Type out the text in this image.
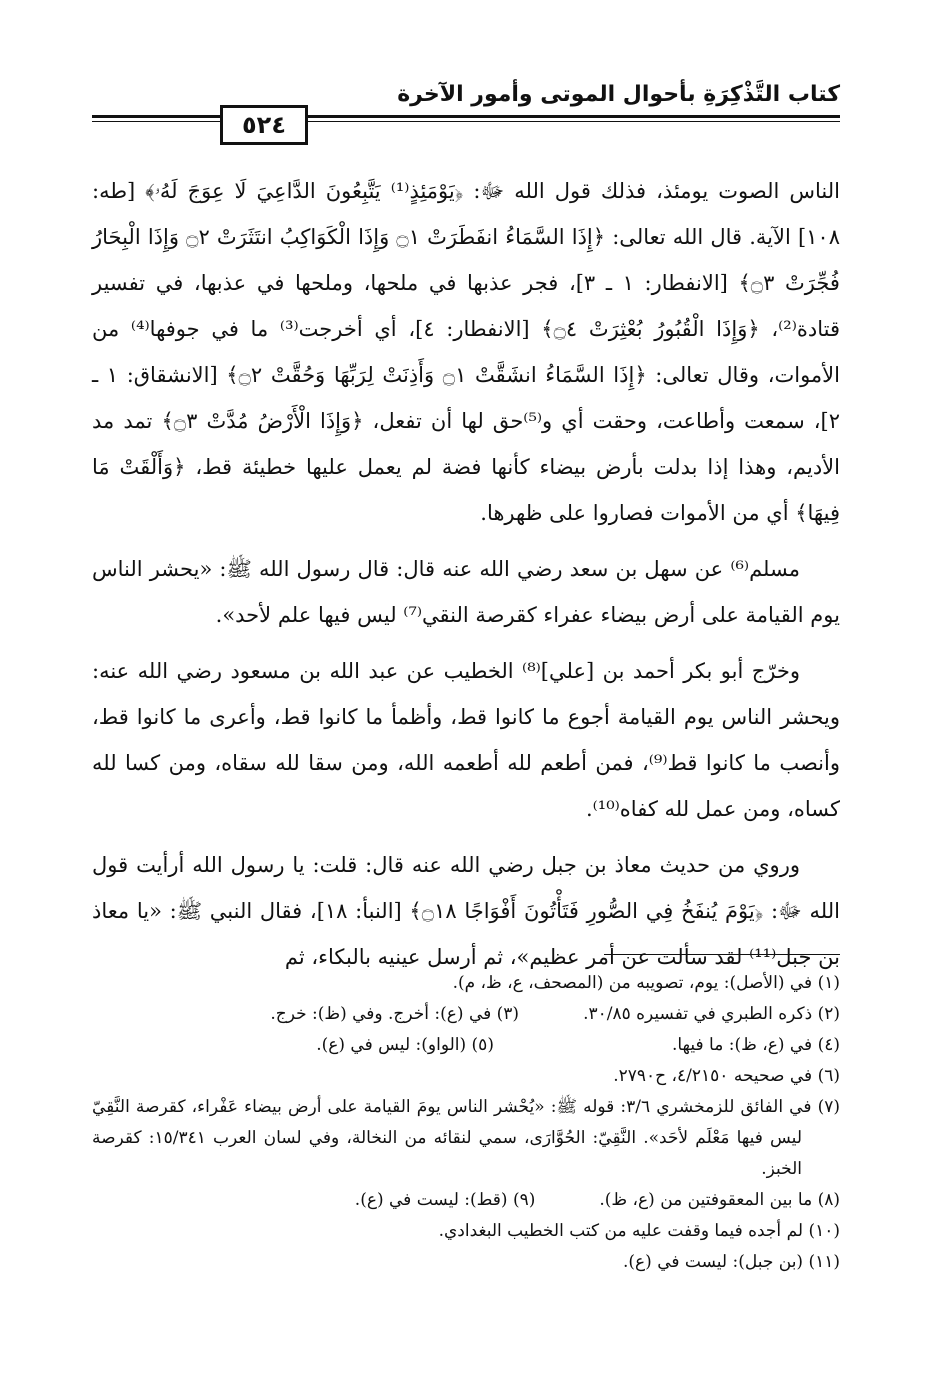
كتاب التَّذْكِرَةِ بأحوال الموتى وأمور الآخرة
٥٢٤

الناس الصوت يومئذ، فذلك قول الله ﷻ: ﴿يَوْمَئِذٍ⁽¹⁾ يَتَّبِعُونَ الدَّاعِيَ لَا عِوَجَ لَهُۥ﴾ [طه: ١٠٨] الآية. قال الله تعالى: ﴿إِذَا السَّمَاءُ انفَطَرَتْ ۝١ وَإِذَا الْكَوَاكِبُ انتَثَرَتْ ۝٢ وَإِذَا الْبِحَارُ فُجِّرَتْ ۝٣﴾ [الانفطار: ١ ـ ٣]، فجر عذبها في ملحها، وملحها في عذبها، في تفسير قتادة⁽²⁾، ﴿وَإِذَا الْقُبُورُ بُعْثِرَتْ ۝٤﴾ [الانفطار: ٤]، أي أخرجت⁽³⁾ ما في جوفها⁽⁴⁾ من الأموات، وقال تعالى: ﴿إِذَا السَّمَاءُ انشَقَّتْ ۝١ وَأَذِنَتْ لِرَبِّهَا وَحُقَّتْ ۝٢﴾ [الانشقاق: ١ ـ ٢]، سمعت وأطاعت، وحقت أي و⁽⁵⁾حق لها أن تفعل، ﴿وَإِذَا الْأَرْضُ مُدَّتْ ۝٣﴾ تمد مد الأديم، وهذا إذا بدلت بأرض بيضاء كأنها فضة لم يعمل عليها خطيئة قط، ﴿وَأَلْقَتْ مَا فِيهَا﴾ أي من الأموات فصاروا على ظهرها.

مسلم⁽⁶⁾ عن سهل بن سعد رضي الله عنه قال: قال رسول الله ﷺ: «يحشر الناس يوم القيامة على أرض بيضاء عفراء كقرصة النقي⁽⁷⁾ ليس فيها علم لأحد».

وخرّج أبو بكر أحمد بن [علي]⁽⁸⁾ الخطيب عن عبد الله بن مسعود رضي الله عنه: ويحشر الناس يوم القيامة أجوع ما كانوا قط، وأظمأ ما كانوا قط، وأعرى ما كانوا قط، وأنصب ما كانوا قط⁽⁹⁾، فمن أطعم لله أطعمه الله، ومن سقا لله سقاه، ومن كسا لله كساه، ومن عمل لله كفاه⁽¹⁰⁾.

وروي من حديث معاذ بن جبل رضي الله عنه قال: قلت: يا رسول الله أرأيت قول الله ﷻ: ﴿يَوْمَ يُنفَخُ فِي الصُّورِ فَتَأْتُونَ أَفْوَاجًا ۝١٨﴾ [النبأ: ١٨]، فقال النبي ﷺ: «يا معاذ بن جبل⁽¹¹⁾ لقد سألت عن أمر عظيم»، ثم أرسل عينيه بالبكاء، ثم

(١) في (الأصل): يوم، تصويبه من (المصحف، ع، ظ، م).
(٢) ذكره الطبري في تفسيره ٣٠/٨٥.
(٣) في (ع): أخرج. وفي (ظ): خرج.
(٤) في (ع، ظ): ما فيها.
(٥) (الواو): ليس في (ع).
(٦) في صحيحه ٤/٢١٥٠، ح٢٧٩٠.
(٧) في الفائق للزمخشري ٣/٦: قوله ﷺ: «يُحْشر الناس يومَ القيامة على أرض بيضاء عَفْراء، كقرصة النَّقِيّ ليس فيها مَعْلَم لأحَد». النَّقِيّ: الحُوَّارَى، سمي لنقائه من النخالة، وفي لسان العرب ١٥/٣٤١: كقرصة الخبز.
(٨) ما بين المعقوفتين من (ع، ظ).
(٩) (قط): ليست في (ع).
(١٠) لم أجده فيما وقفت عليه من كتب الخطيب البغدادي.
(١١) (بن جبل): ليست في (ع).
